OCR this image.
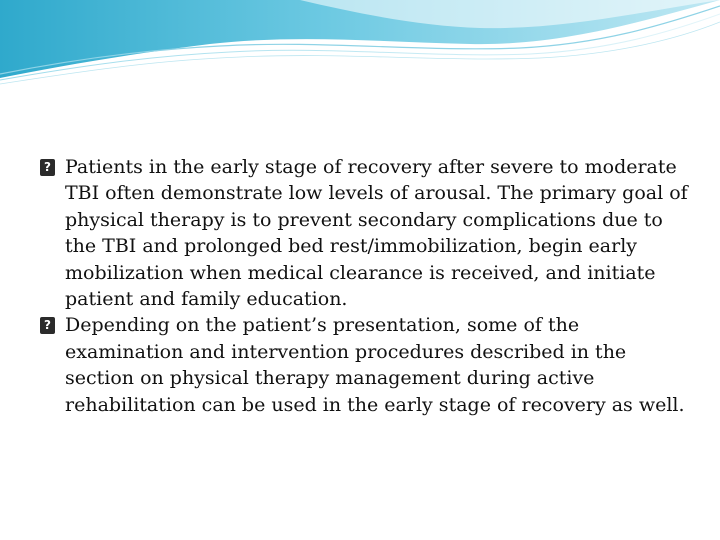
?
Patients in the early stage of recovery after severe to moderate TBI often demonstrate low levels of arousal. The primary goal of physical therapy is to prevent secondary complications due to the TBI and prolonged bed rest/immobilization, begin early mobilization when medical clearance is received, and initiate patient and family education.

?
Depending on the patient’s presentation, some of the examination and intervention procedures described in the section on physical therapy management during active rehabilitation can be used in the early stage of recovery as well.
